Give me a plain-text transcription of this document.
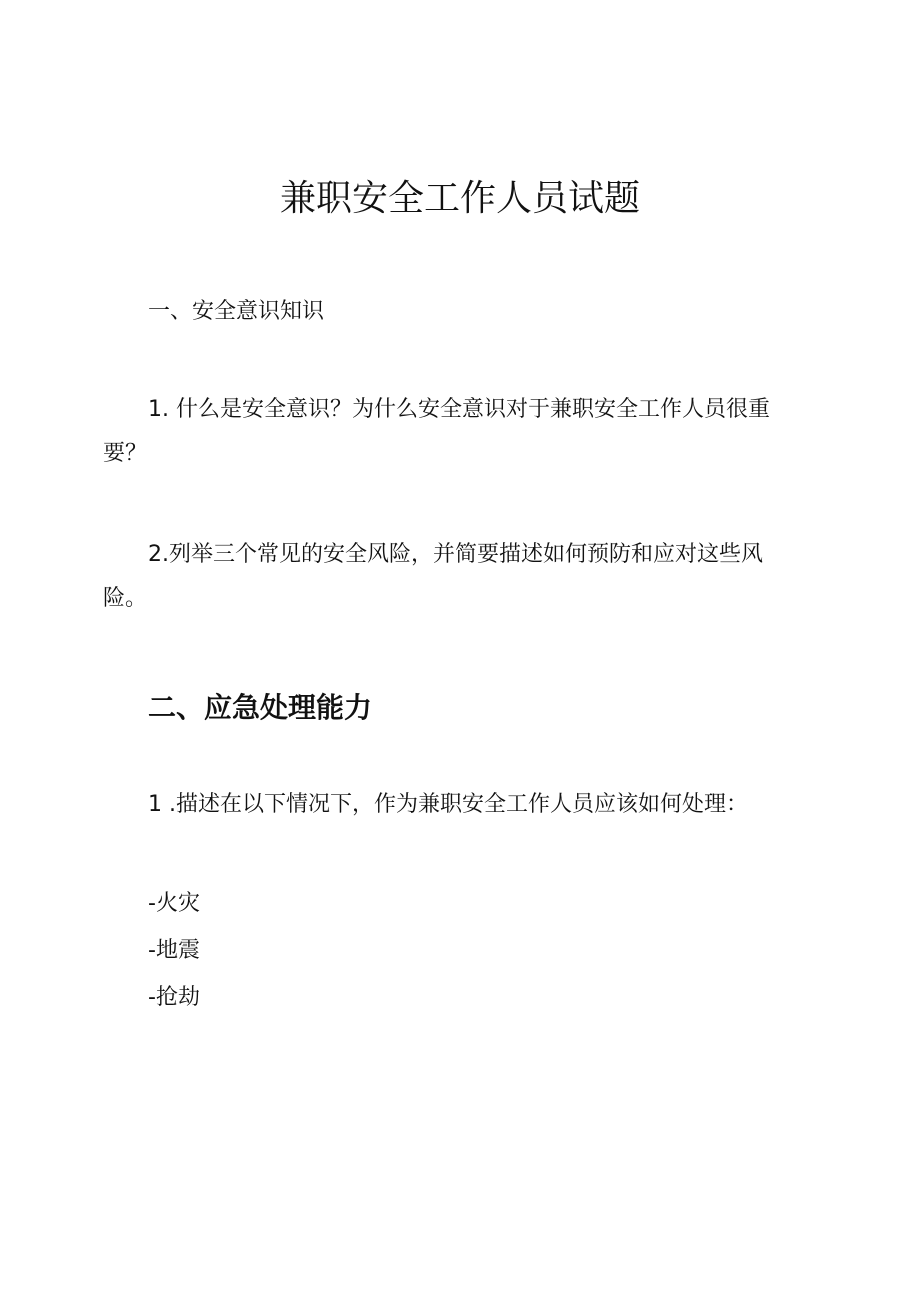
兼职安全工作人员试题
一、安全意识知识

1. 什么是安全意识？为什么安全意识对于兼职安全工作人员很重要？

2.列举三个常见的安全风险，并简要描述如何预防和应对这些风险。

二、应急处理能力

1 .描述在以下情况下，作为兼职安全工作人员应该如何处理：

-火灾
-地震
-抢劫
